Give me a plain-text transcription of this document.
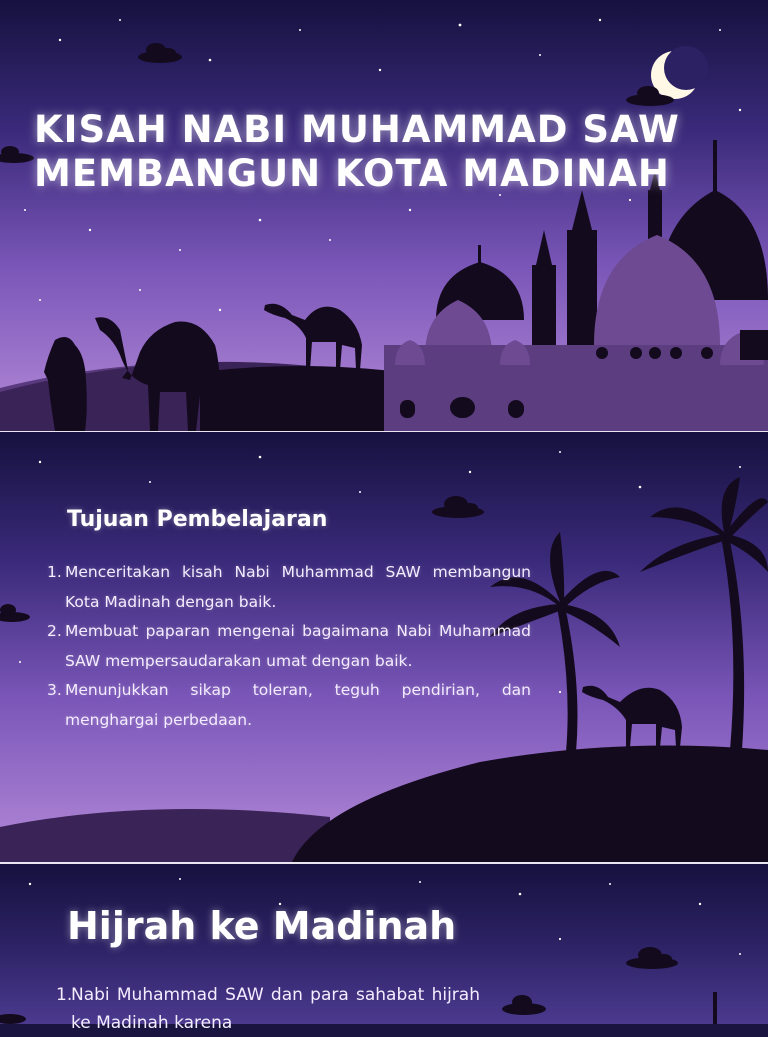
KISAH NABI MUHAMMAD SAW
MEMBANGUN KOTA MADINAH
Tujuan Pembelajaran
1. Menceritakan kisah Nabi Muhammad SAW membangun Kota Madinah dengan baik.
2. Membuat paparan mengenai bagaimana Nabi Muhammad SAW mempersaudarakan umat dengan baik.
3. Menunjukkan sikap toleran, teguh pendirian, dan menghargai perbedaan.
Hijrah ke Madinah
1.
Nabi Muhammad SAW dan para sahabat hijrah ke Madinah karena
